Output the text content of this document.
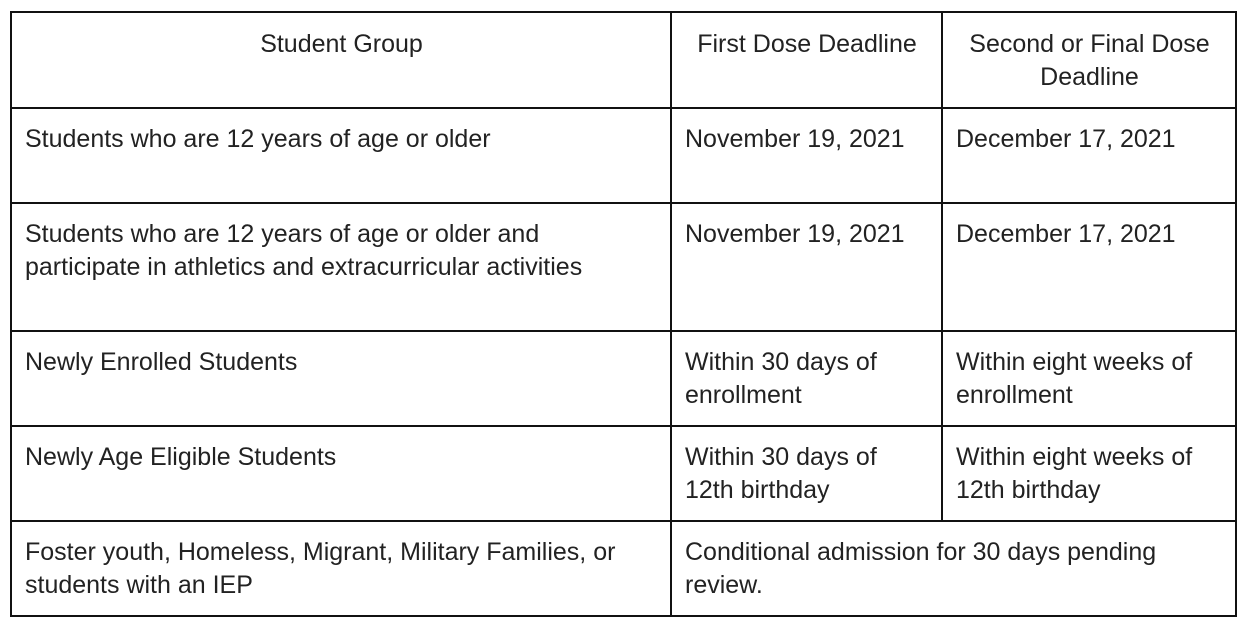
Student Group	First Dose Deadline	Second or Final Dose Deadline
Students who are 12 years of age or older	November 19, 2021	December 17, 2021
Students who are 12 years of age or older and participate in athletics and extracurricular activities	November 19, 2021	December 17, 2021
Newly Enrolled Students	Within 30 days of enrollment	Within eight weeks of enrollment
Newly Age Eligible Students	Within 30 days of 12th birthday	Within eight weeks of 12th birthday
Foster youth, Homeless, Migrant, Military Families, or students with an IEP	Conditional admission for 30 days pending review.	
